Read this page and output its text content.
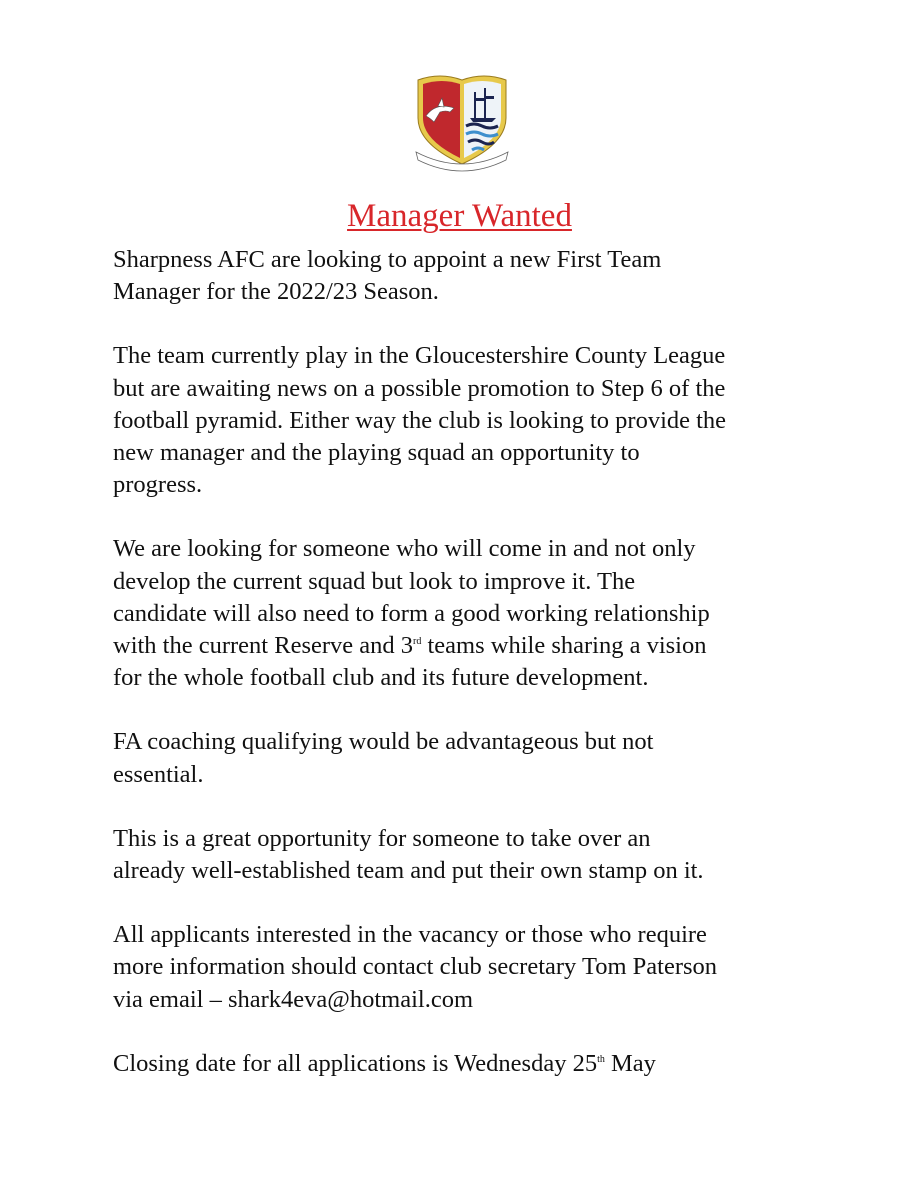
Manager Wanted

Sharpness AFC are looking to appoint a new First Team
Manager for the 2022/23 Season.

The team currently play in the Gloucestershire County League
but are awaiting news on a possible promotion to Step 6 of the
football pyramid. Either way the club is looking to provide the
new manager and the playing squad an opportunity to
progress.

We are looking for someone who will come in and not only
develop the current squad but look to improve it. The
candidate will also need to form a good working relationship
with the current Reserve and 3rd teams while sharing a vision
for the whole football club and its future development.

FA coaching qualifying would be advantageous but not
essential.

This is a great opportunity for someone to take over an
already well-established team and put their own stamp on it.

All applicants interested in the vacancy or those who require
more information should contact club secretary Tom Paterson
via email – shark4eva@hotmail.com

Closing date for all applications is Wednesday 25th May
